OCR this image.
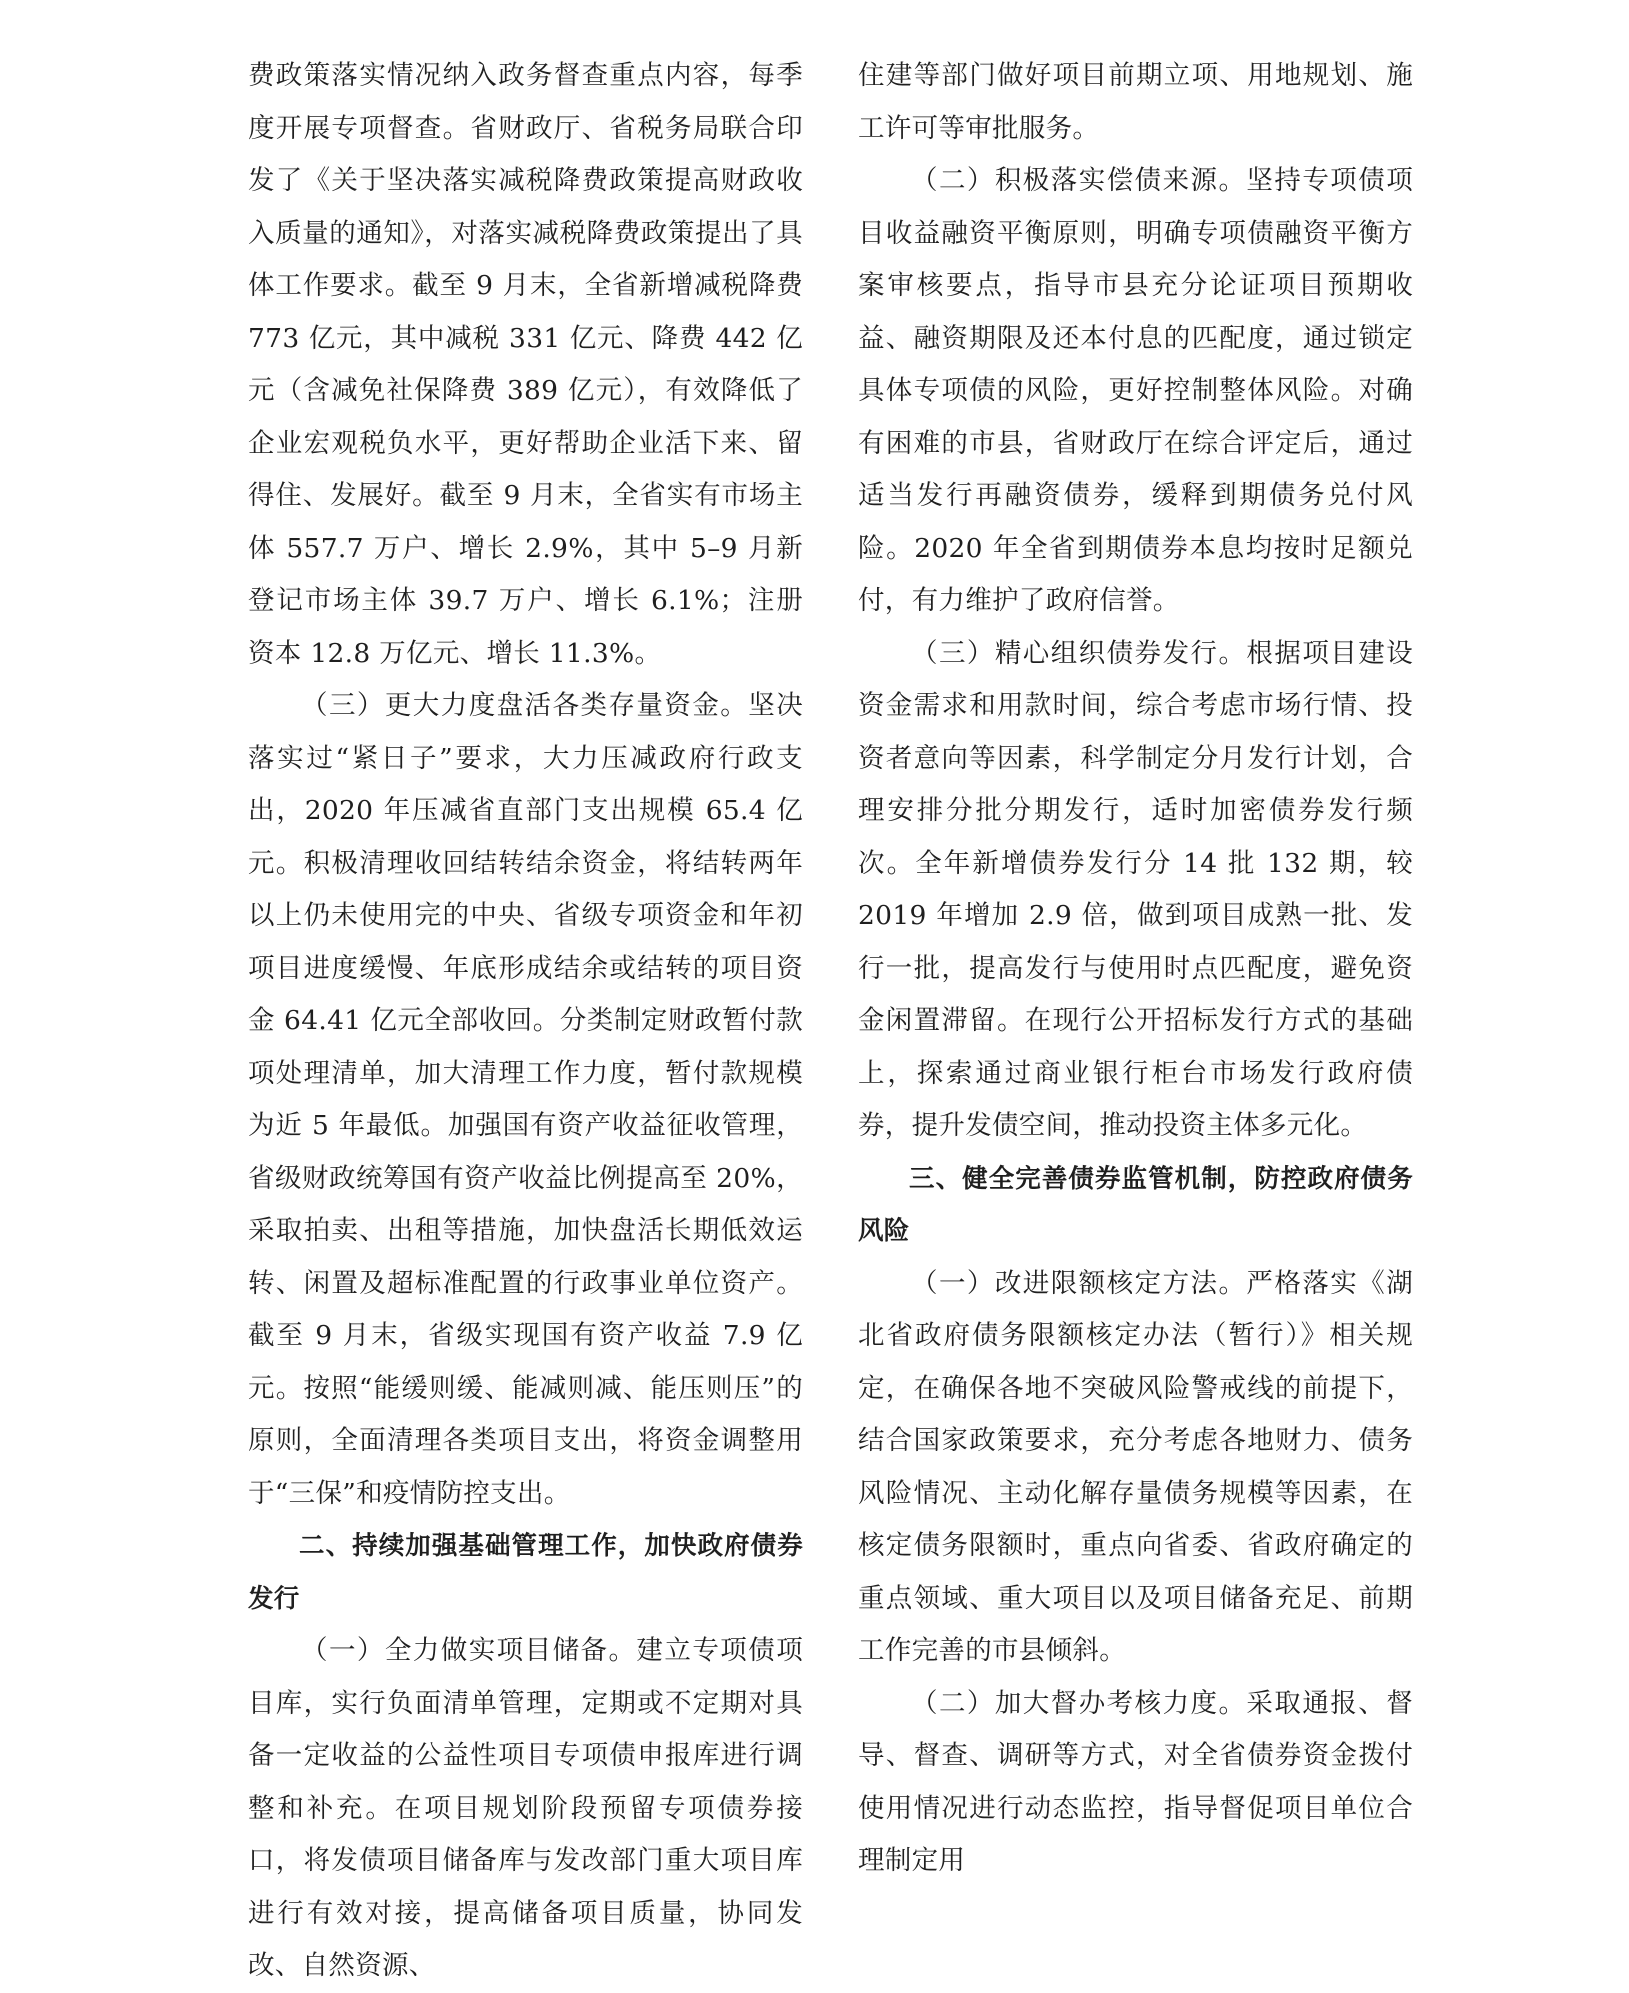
费政策落实情况纳入政务督查重点内容，每季度开展专项督查。省财政厅、省税务局联合印发了《关于坚决落实减税降费政策提高财政收入质量的通知》，对落实减税降费政策提出了具体工作要求。截至 9 月末，全省新增减税降费 773 亿元，其中减税 331 亿元、降费 442 亿元（含减免社保降费 389 亿元），有效降低了企业宏观税负水平，更好帮助企业活下来、留得住、发展好。截至 9 月末，全省实有市场主体 557.7 万户、增长 2.9%，其中 5–9 月新登记市场主体 39.7 万户、增长 6.1%；注册资本 12.8 万亿元、增长 11.3%。

（三）更大力度盘活各类存量资金。坚决落实过“紧日子”要求，大力压减政府行政支出，2020 年压减省直部门支出规模 65.4 亿元。积极清理收回结转结余资金，将结转两年以上仍未使用完的中央、省级专项资金和年初项目进度缓慢、年底形成结余或结转的项目资金 64.41 亿元全部收回。分类制定财政暂付款项处理清单，加大清理工作力度，暂付款规模为近 5 年最低。加强国有资产收益征收管理，省级财政统筹国有资产收益比例提高至 20%，采取拍卖、出租等措施，加快盘活长期低效运转、闲置及超标准配置的行政事业单位资产。截至 9 月末，省级实现国有资产收益 7.9 亿元。按照“能缓则缓、能减则减、能压则压”的原则，全面清理各类项目支出，将资金调整用于“三保”和疫情防控支出。

二、持续加强基础管理工作，加快政府债券发行

（一）全力做实项目储备。建立专项债项目库，实行负面清单管理，定期或不定期对具备一定收益的公益性项目专项债申报库进行调整和补充。在项目规划阶段预留专项债券接口，将发债项目储备库与发改部门重大项目库进行有效对接，提高储备项目质量，协同发改、自然资源、

住建等部门做好项目前期立项、用地规划、施工许可等审批服务。

（二）积极落实偿债来源。坚持专项债项目收益融资平衡原则，明确专项债融资平衡方案审核要点，指导市县充分论证项目预期收益、融资期限及还本付息的匹配度，通过锁定具体专项债的风险，更好控制整体风险。对确有困难的市县，省财政厅在综合评定后，通过适当发行再融资债券，缓释到期债务兑付风险。2020 年全省到期债券本息均按时足额兑付，有力维护了政府信誉。

（三）精心组织债券发行。根据项目建设资金需求和用款时间，综合考虑市场行情、投资者意向等因素，科学制定分月发行计划，合理安排分批分期发行，适时加密债券发行频次。全年新增债券发行分 14 批 132 期，较 2019 年增加 2.9 倍，做到项目成熟一批、发行一批，提高发行与使用时点匹配度，避免资金闲置滞留。在现行公开招标发行方式的基础上，探索通过商业银行柜台市场发行政府债券，提升发债空间，推动投资主体多元化。

三、健全完善债券监管机制，防控政府债务风险

（一）改进限额核定方法。严格落实《湖北省政府债务限额核定办法（暂行）》相关规定，在确保各地不突破风险警戒线的前提下，结合国家政策要求，充分考虑各地财力、债务风险情况、主动化解存量债务规模等因素，在核定债务限额时，重点向省委、省政府确定的重点领域、重大项目以及项目储备充足、前期工作完善的市县倾斜。

（二）加大督办考核力度。采取通报、督导、督查、调研等方式，对全省债券资金拨付使用情况进行动态监控，指导督促项目单位合理制定用
